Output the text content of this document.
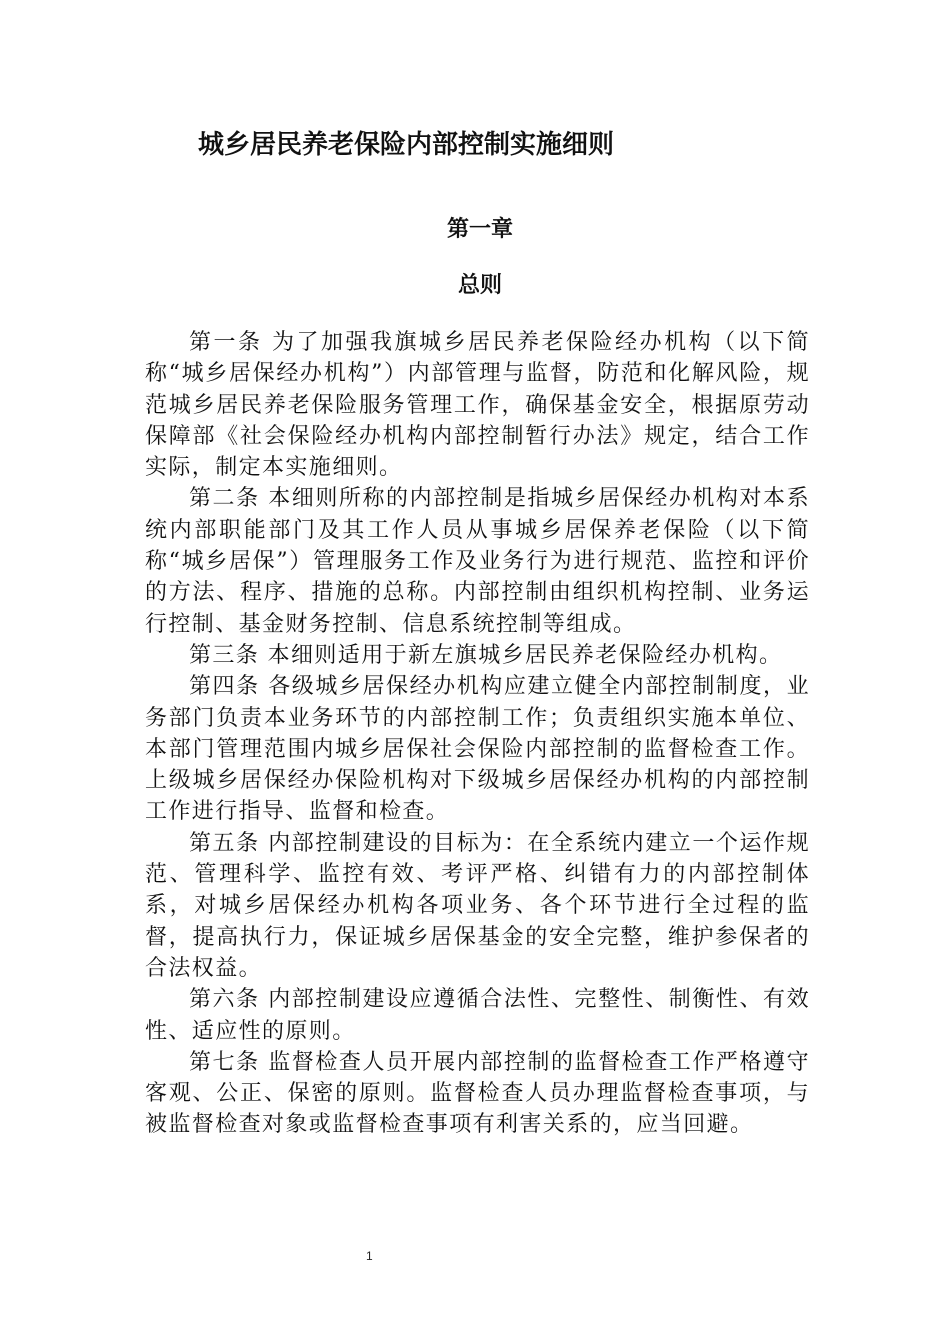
城乡居民养老保险内部控制实施细则
第一章
总则

第一条 为了加强我旗城乡居民养老保险经办机构（以下简称“城乡居保经办机构”）内部管理与监督，防范和化解风险，规范城乡居民养老保险服务管理工作，确保基金安全，根据原劳动保障部《社会保险经办机构内部控制暂行办法》规定，结合工作实际，制定本实施细则。

第二条 本细则所称的内部控制是指城乡居保经办机构对本系统内部职能部门及其工作人员从事城乡居保养老保险（以下简称“城乡居保”）管理服务工作及业务行为进行规范、监控和评价的方法、程序、措施的总称。内部控制由组织机构控制、业务运行控制、基金财务控制、信息系统控制等组成。

第三条 本细则适用于新左旗城乡居民养老保险经办机构。

第四条 各级城乡居保经办机构应建立健全内部控制制度，业务部门负责本业务环节的内部控制工作；负责组织实施本单位、本部门管理范围内城乡居保社会保险内部控制的监督检查工作。上级城乡居保经办保险机构对下级城乡居保经办机构的内部控制工作进行指导、监督和检查。

第五条 内部控制建设的目标为：在全系统内建立一个运作规范、管理科学、监控有效、考评严格、纠错有力的内部控制体系，对城乡居保经办机构各项业务、各个环节进行全过程的监督，提高执行力，保证城乡居保基金的安全完整，维护参保者的合法权益。

第六条 内部控制建设应遵循合法性、完整性、制衡性、有效性、适应性的原则。

第七条 监督检查人员开展内部控制的监督检查工作严格遵守客观、公正、保密的原则。监督检查人员办理监督检查事项，与被监督检查对象或监督检查事项有利害关系的，应当回避。

1
